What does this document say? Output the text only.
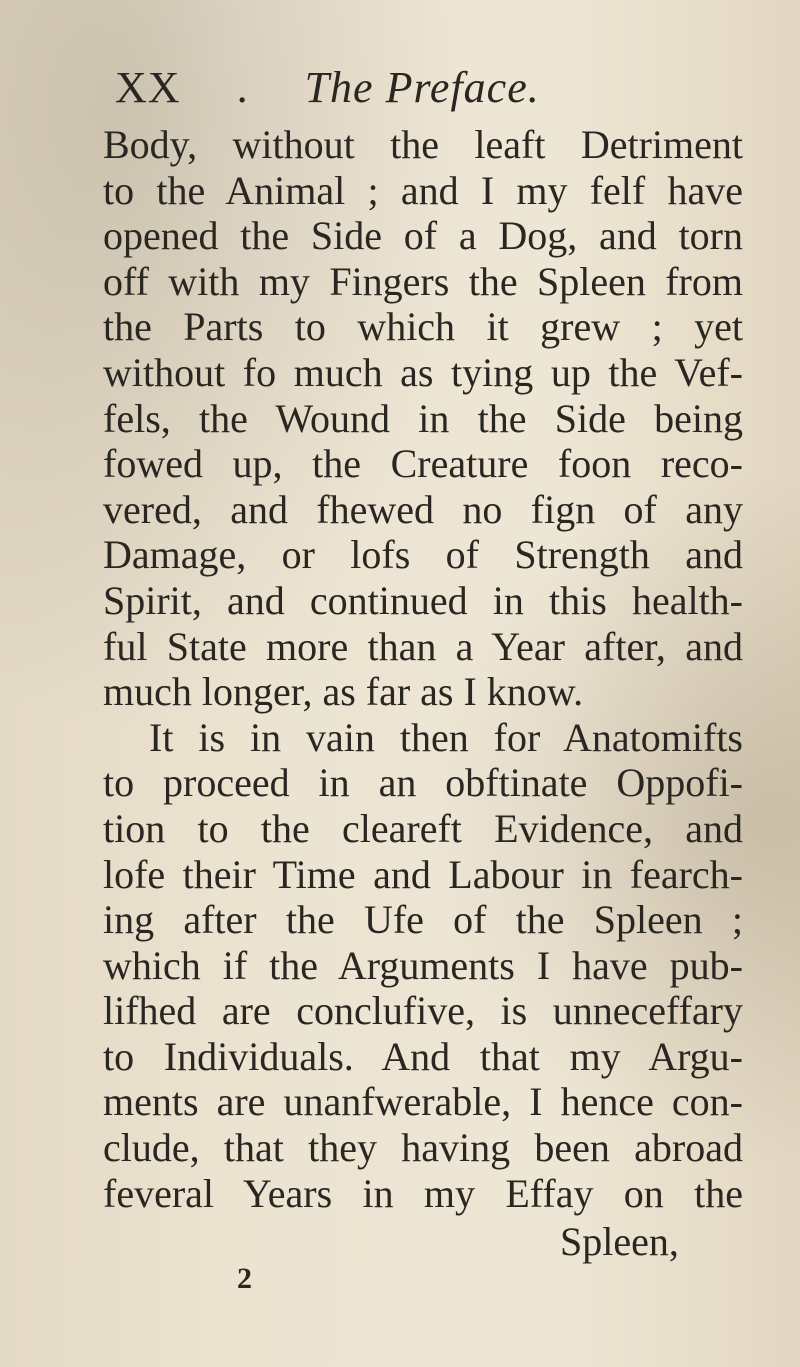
XX . The Preface.
Body, without the leaft Detriment
to the Animal ; and I my felf have
opened the Side of a Dog, and torn
off with my Fingers the Spleen from
the Parts to which it grew ; yet
without fo much as tying up the Vef-
fels, the Wound in the Side being
fowed up, the Creature foon reco-
vered, and fhewed no fign of any
Damage, or lofs of Strength and
Spirit, and continued in this health-
ful State more than a Year after, and
much longer, as far as I know.
It is in vain then for Anatomifts
to proceed in an obftinate Oppofi-
tion to the cleareft Evidence, and
lofe their Time and Labour in fearch-
ing after the Ufe of the Spleen ;
which if the Arguments I have pub-
lifhed are conclufive, is unneceffary
to Individuals. And that my Argu-
ments are unanfwerable, I hence con-
clude, that they having been abroad
feveral Years in my Effay on the
Spleen,
2
